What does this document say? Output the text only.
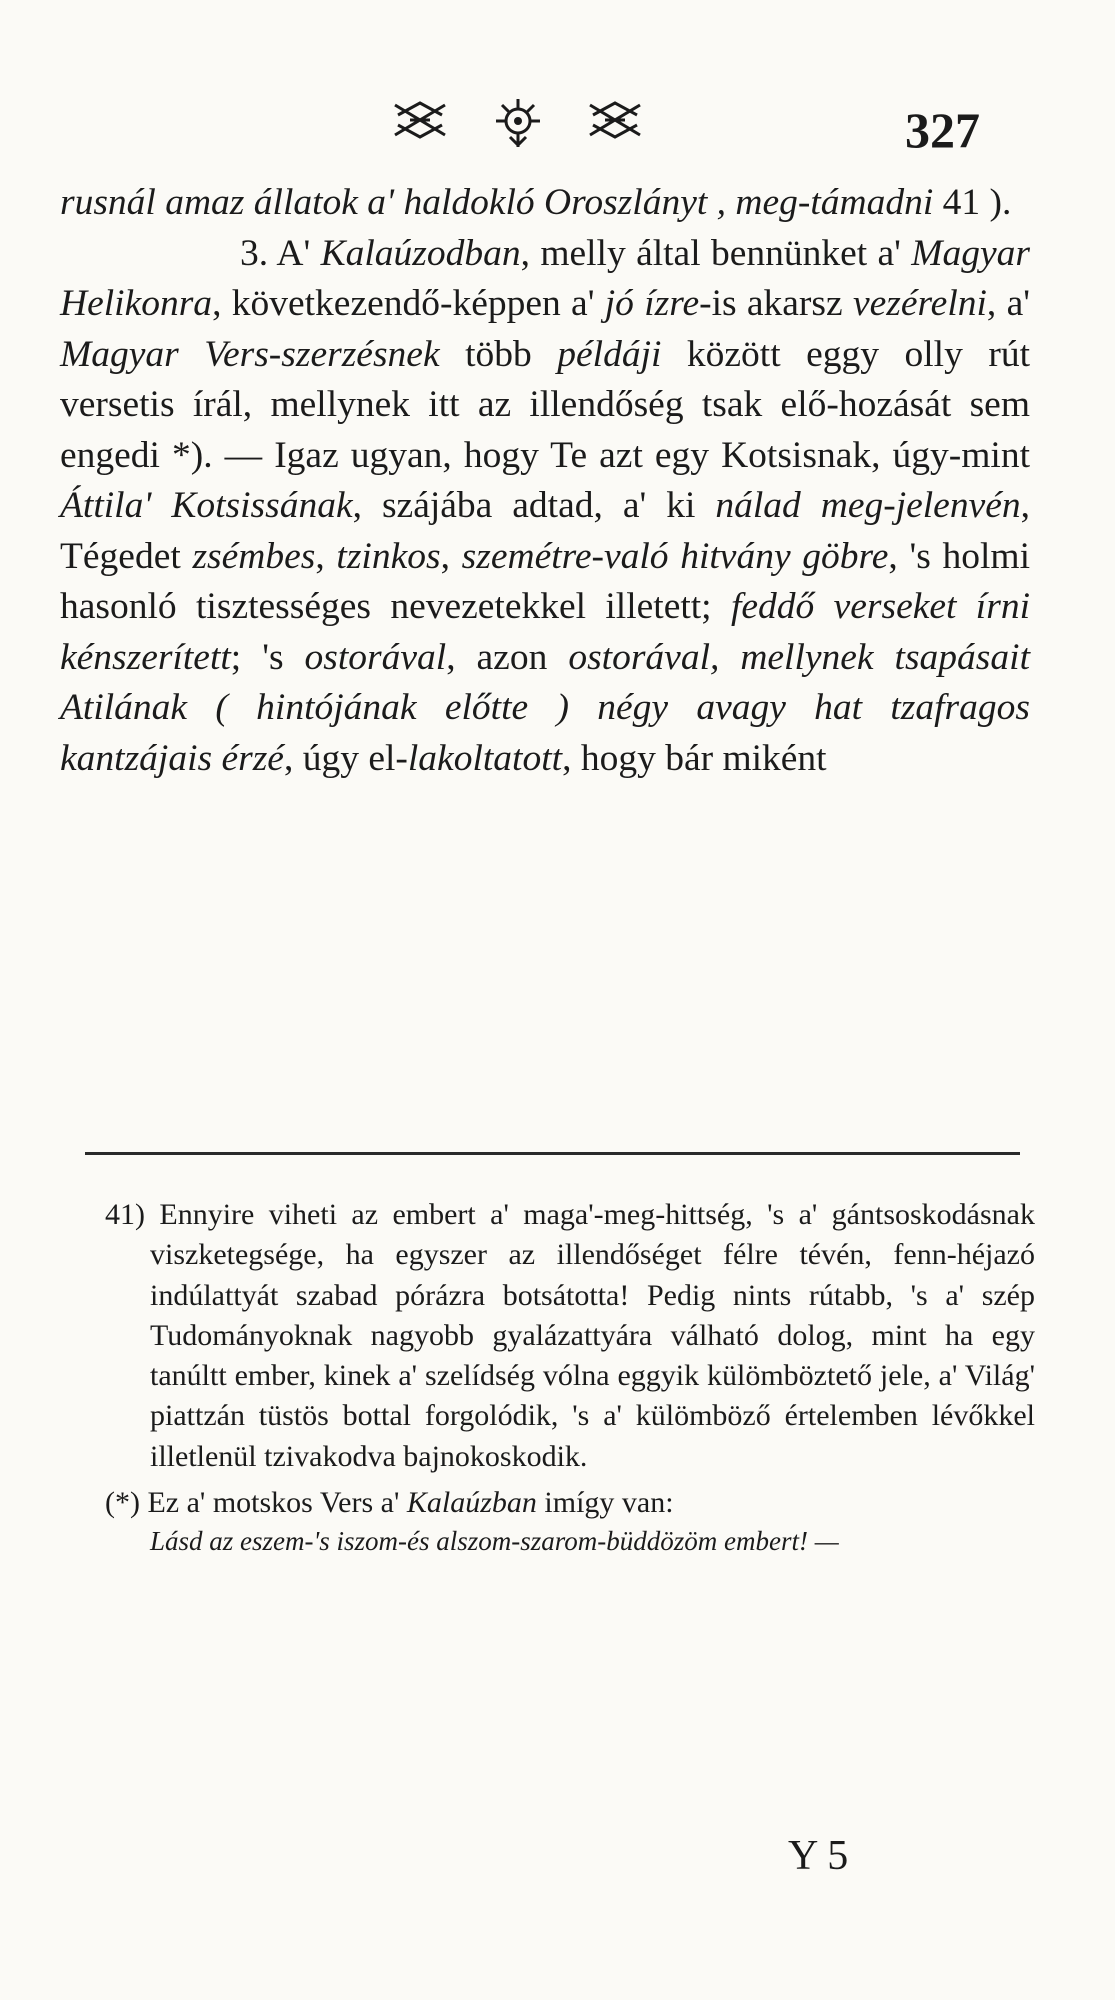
327

rusnál amaz állatok a' haldokló Oroszlányt , meg-támadni 41 ).

3. A' Kalaúzodban, melly által bennünket a' Magyar Helikonra, következendő-képpen a' jó ízre-is akarsz vezérelni, a' Magyar Vers-szerzésnek több példáji között eggy olly rút versetis írál, mellynek itt az illendőség tsak elő-hozását sem engedi *). — Igaz ugyan, hogy Te azt egy Kotsisnak, úgy-mint Áttila' Kotsissának, szájába adtad, a' ki nálad meg-jelenvén, Tégedet zsémbes, tzinkos, szemétre-való hitvány göbre, 's holmi hasonló tisztességes nevezetekkel illetett; feddő verseket írni kénszerített; 's ostorával, azon ostorával, mellynek tsapásait Atilának ( hintójának előtte ) négy avagy hat tzafragos kantzájais érzé, úgy el-lakoltatott, hogy bár miként

41) Ennyire viheti az embert a' maga'-meg-hittség, 's a' gántsoskodásnak viszketegsége, ha egyszer az illendőséget félre tévén, fenn-héjazó indúlattyát szabad pórázra botsátotta! Pedig nints rútabb, 's a' szép Tudományoknak nagyobb gyalázattyára válható dolog, mint ha egy tanúltt ember, kinek a' szelídség vólna eggyik külömböztető jele, a' Világ' piattzán tüstös bottal forgolódik, 's a' külömböző értelemben lévőkkel illetlenül tzivakodva bajnokoskodik.

(*) Ez a' motskos Vers a' Kalaúzban imígy van:
Lásd az eszem-'s iszom-és alszom-szarom-büddözöm embert! —

Y 5
